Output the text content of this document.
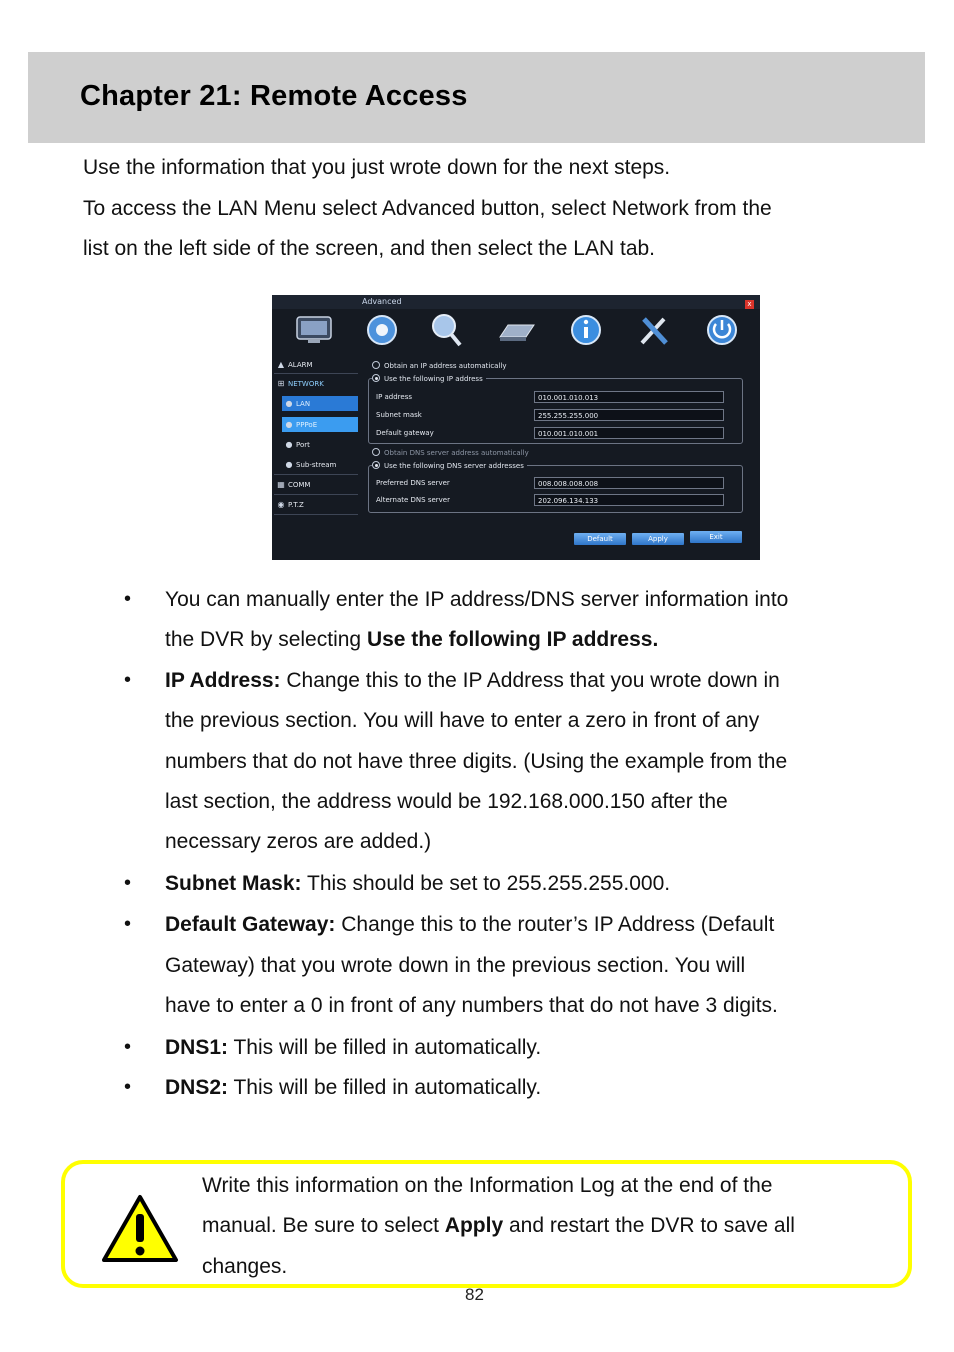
Chapter 21: Remote Access
Use the information that you just wrote down for the next steps.
To access the LAN Menu select Advanced button, select Network from the
list on the left side of the screen, and then select the LAN tab.
Advanced	x
▲ ALARM
⊞ NETWORK
● LAN
● PPPoE
● Port
● Sub-stream
▦ COMM
◉ P.T.Z
Obtain an IP address automatically
Use the following IP address
IP address	010.001.010.013
Subnet mask	255.255.255.000
Default gateway	010.001.010.001
Obtain DNS server address automatically
Use the following DNS server addresses
Preferred DNS server	008.008.008.008
Alternate DNS server	202.096.134.133
Default	Apply	Exit
• You can manually enter the IP address/DNS server information into
the DVR by selecting Use the following IP address.
• IP Address: Change this to the IP Address that you wrote down in
the previous section. You will have to enter a zero in front of any
numbers that do not have three digits. (Using the example from the
last section, the address would be 192.168.000.150 after the
necessary zeros are added.)
• Subnet Mask: This should be set to 255.255.255.000.
• Default Gateway: Change this to the router’s IP Address (Default
Gateway) that you wrote down in the previous section. You will
have to enter a 0 in front of any numbers that do not have 3 digits.
• DNS1: This will be filled in automatically.
• DNS2: This will be filled in automatically.
Write this information on the Information Log at the end of the
manual. Be sure to select Apply and restart the DVR to save all
changes.
82
